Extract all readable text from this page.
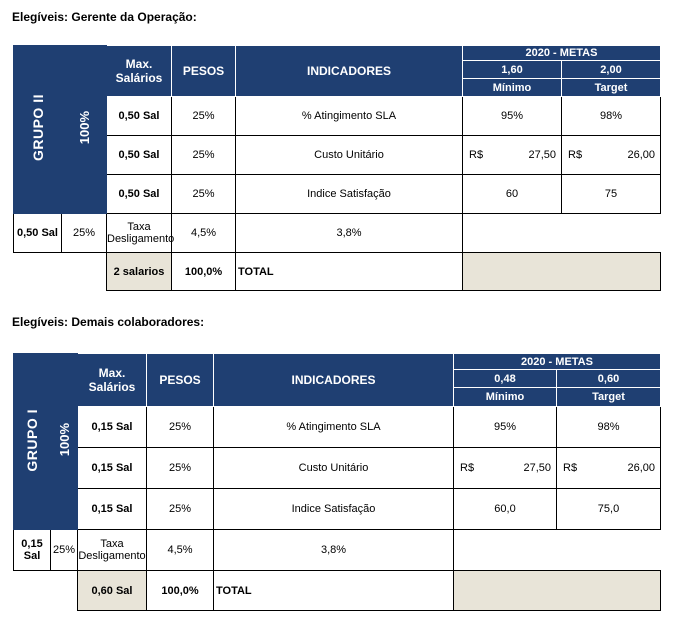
Elegíveis: Gerente da Operação:
GRUPO II	100%	Max.
Salários	PESOS	INDICADORES	2020 - METAS	
					1,60	2,00
					Mínimo	Target
		0,50 Sal	25%	% Atingimento SLA	95%	98%
		0,50 Sal	25%	Custo Unitário	R$ 27,50	R$ 26,00

		0,50 Sal	25%	Indice Satisfação	60	75
0,50 Sal	25%	Taxa Desligamento	4,5%	3,8%		
		2 salarios	100,0%	TOTAL		
Elegíveis: Demais colaboradores:
GRUPO I	100%	Max.
Salários	PESOS	INDICADORES	2020 - METAS	
					0,48	0,60
					Mínimo	Target
		0,15 Sal	25%	% Atingimento SLA	95%	98%
		0,15 Sal	25%	Custo Unitário	R$ 27,50	R$ 26,00

		0,15 Sal	25%	Indice Satisfação	60,0	75,0
0,15 Sal	25%	Taxa Desligamento	4,5%	3,8%		
		0,60 Sal	100,0%	TOTAL		
